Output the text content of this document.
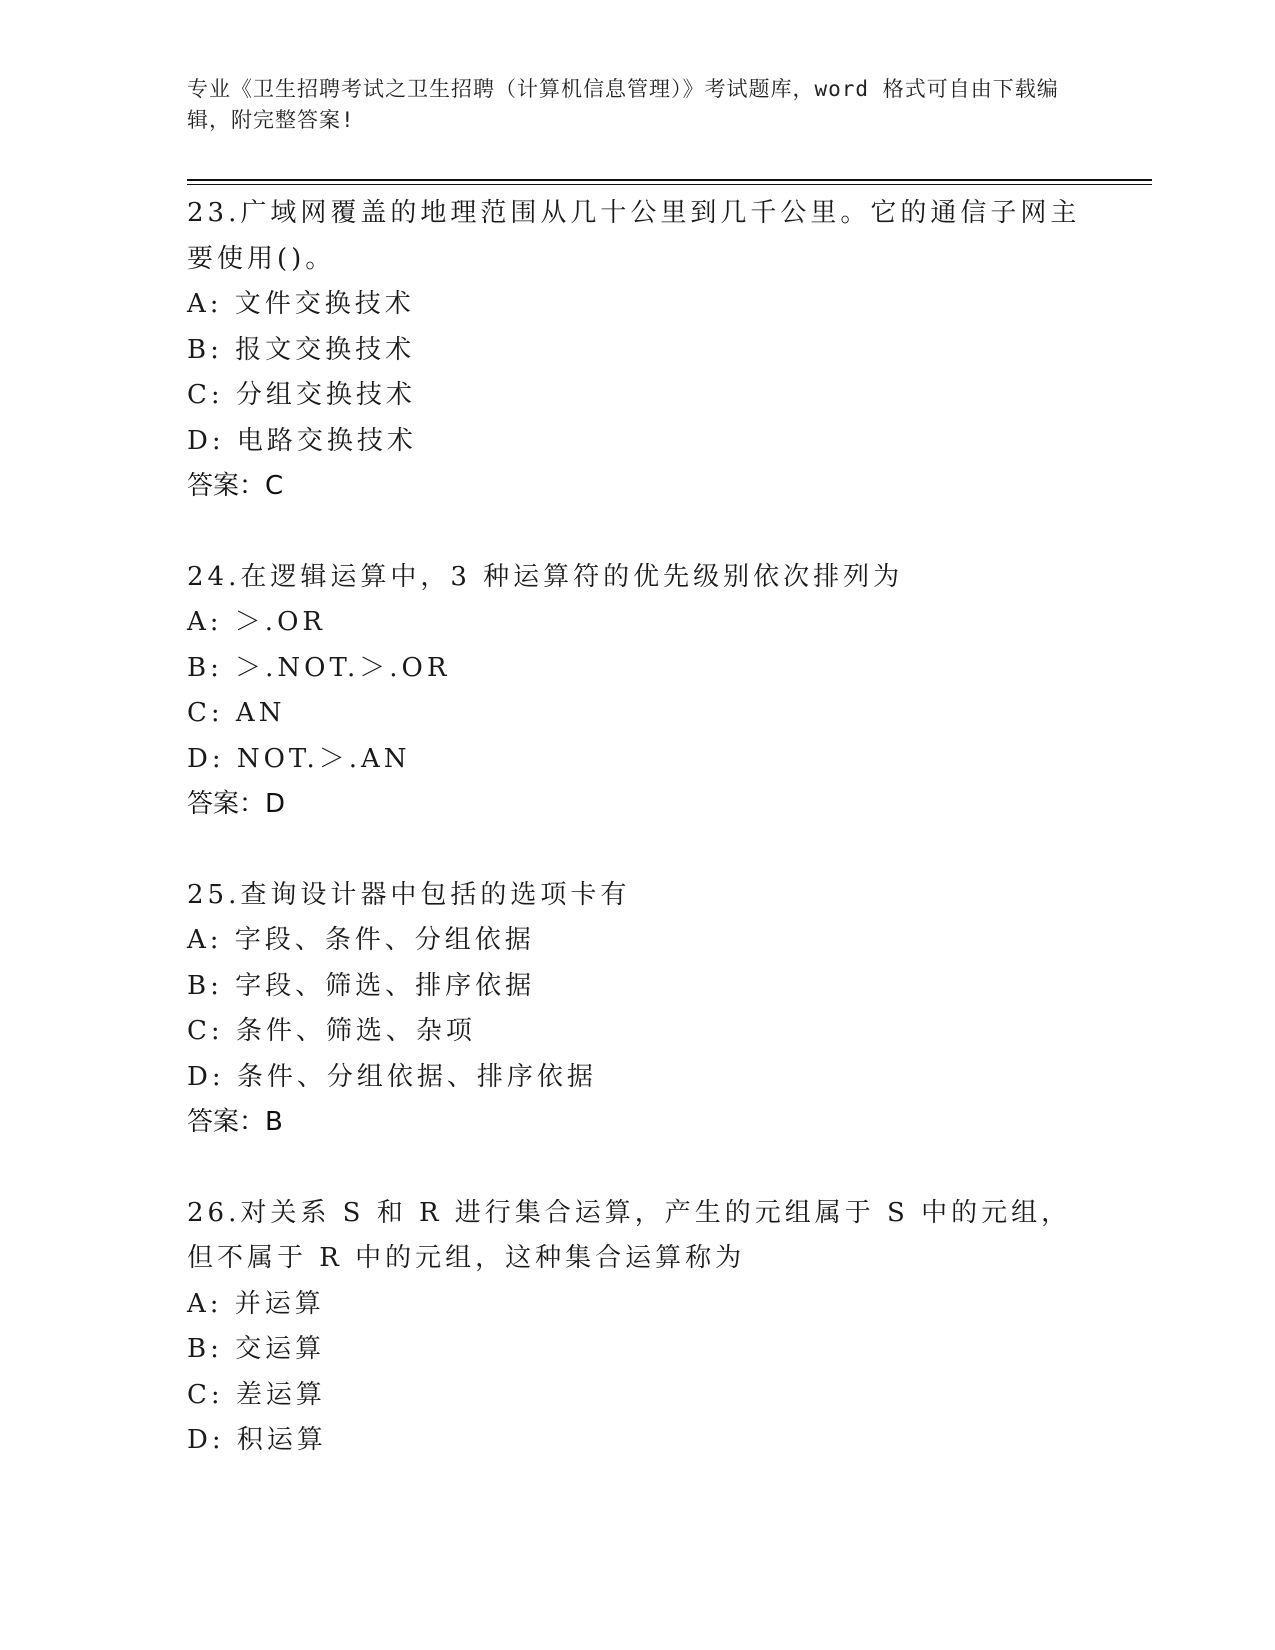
专业《卫生招聘考试之卫生招聘（计算机信息管理）》考试题库，word 格式可自由下载编辑，附完整答案!
23.广域网覆盖的地理范围从几十公里到几千公里。它的通信子网主要使用()。
A: 文件交换技术
B: 报文交换技术
C: 分组交换技术
D: 电路交换技术
答案：C
24.在逻辑运算中，3 种运算符的优先级别依次排列为
A: ＞.OR
B: ＞.NOT.＞.OR
C: AN
D: NOT.＞.AN
答案：D
25.查询设计器中包括的选项卡有
A: 字段、条件、分组依据
B: 字段、筛选、排序依据
C: 条件、筛选、杂项
D: 条件、分组依据、排序依据
答案：B
26.对关系 S 和 R 进行集合运算，产生的元组属于 S 中的元组，但不属于 R 中的元组，这种集合运算称为
A: 并运算
B: 交运算
C: 差运算
D: 积运算
